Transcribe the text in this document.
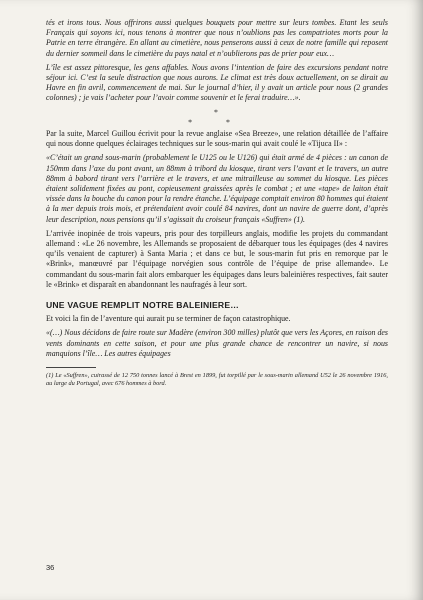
tés et irons tous. Nous offrirons aussi quelques bouquets pour mettre sur leurs tombes. Etant les seuls Français qui soyons ici, nous tenons à montrer que nous n’oublions pas les compatriotes morts pour la Patrie en terre étrangère. En allant au cimetière, nous penserons aussi à ceux de notre famille qui reposent du dernier sommeil dans le cimetière du pays natal et n’oublierons pas de prier pour eux…

L’île est assez pittoresque, les gens affables. Nous avons l’intention de faire des excursions pendant notre séjour ici. C’est la seule distraction que nous aurons. Le climat est très doux actuellement, on se dirait au Havre en fin avril, commencement de mai. Sur le journal d’hier, il y avait un article pour nous (2 grandes colonnes) ; je vais l’acheter pour l’avoir comme souvenir et le ferai traduire…».

*
* *

Par la suite, Marcel Guillou écrivit pour la revue anglaise «Sea Breeze», une relation détaillée de l’affaire qui nous donne quelques éclairages techniques sur le sous-marin qui avait coulé le «Tijuca II» :

«C’était un grand sous-marin (probablement le U125 ou le U126) qui était armé de 4 pièces : un canon de 150mm dans l’axe du pont avant, un 88mm à tribord du kiosque, tirant vers l’avant et le travers, un autre 88mm à babord tirant vers l’arrière et le travers, et une mitrailleuse au sommet du kiosque. Les pièces étaient solidement fixées au pont, copieusement graissées après le combat ; et une «tape» de laiton était vissée dans la bouche du canon pour la rendre étanche. L’équipage comptait environ 80 hommes qui étaient à la mer depuis trois mois, et prétendaient avoir coulé 84 navires, dont un navire de guerre dont, d’après leur description, nous pensions qu’il s’agissait du croiseur français «Suffren» (1).

L’arrivée inopinée de trois vapeurs, pris pour des torpilleurs anglais, modifie les projets du commandant allemand : «Le 26 novembre, les Allemands se proposaient de débarquer tous les équipages (des 4 navires qu’ils venaient de capturer) à Santa Maria ; et dans ce but, le sous-marin fut pris en remorque par le «Brink», manœuvré par l’équipage norvégien sous contrôle de l’équipe de prise allemande». Le commandant du sous-marin fait alors embarquer les équipages dans leurs baleinières respectives, fait sauter le «Brink» et disparaît en abandonnant les naufragés à leur sort.

UNE VAGUE REMPLIT NOTRE BALEINIERE…

Et voici la fin de l’aventure qui aurait pu se terminer de façon catastrophique.

«(…) Nous décidons de faire route sur Madère (environ 300 milles) plutôt que vers les Açores, en raison des vents dominants en cette saison, et pour une plus grande chance de rencontrer un navire, si nous manquions l’île… Les autres équipages

(1) Le «Suffren», cuirassé de 12 750 tonnes lancé à Brest en 1899, fut torpillé par le sous-marin allemand U52 le 26 novembre 1916, au large du Portugal, avec 676 hommes à bord.

36
